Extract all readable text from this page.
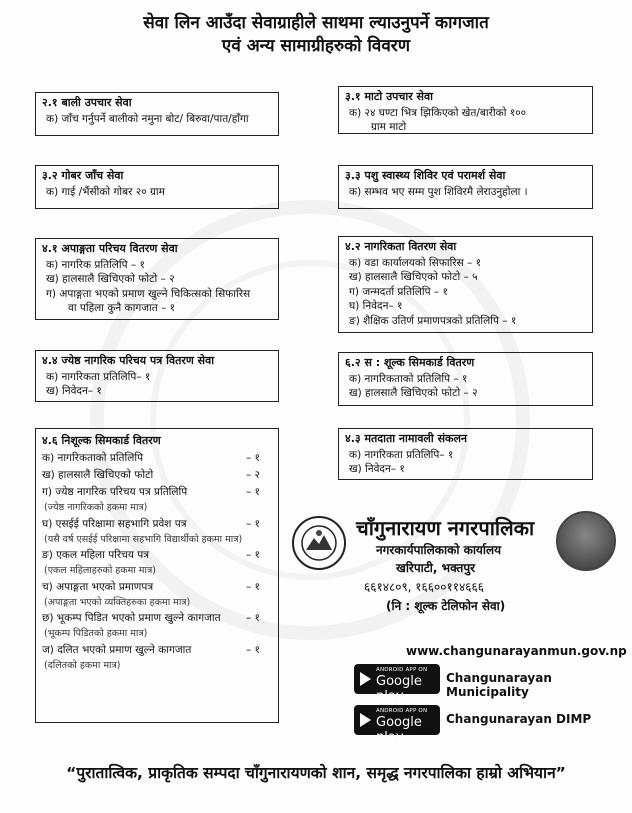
सेवा लिन आउँदा सेवाग्राहीले साथमा ल्याउनुपर्ने कागजात
एवं अन्य सामाग्रीहरुको विवरण
२.१ बाली उपचार सेवा
क) जाँच गर्नुपर्ने बालीको नमुना बोट/ बिरुवा/पात/हाँगा
३.१ माटो उपचार सेवा
क) २४ घण्टा भित्र झिकिएको खेत/बारीको १००
ग्राम माटो
३.२ गोबर जाँच सेवा
क) गाई /भैंसीको गोबर २० ग्राम
३.३ पशु स्वास्थ्य शिविर एवं परामर्श सेवा
क) सम्भव भए सम्म पुश शिविरमै लेराउनुहोला ।
४.१ अपाङ्गता परिचय वितरण सेवा
क) नागरिक प्रतिलिपि – १
ख) हालसालै खिचिएको फोटो – २
ग) अपाङ्गता भएको प्रमाण खुल्ने चिकित्सको सिफारिस
वा पहिला कुनै कागजात – १
४.२ नागरिकता वितरण सेवा
क) वडा कार्यालयको सिफारिस – १
ख) हालसालै खिचिएको फोटो – ५
ग) जन्मदर्ता प्रतिलिपि – १
घ) निवेदन– १
ङ) शैक्षिक उतिर्ण प्रमाणपत्रको प्रतिलिपि – १
४.४ ज्येष्ठ नागरिक परिचय पत्र वितरण सेवा
क) नागरिकता प्रतिलिपि– १
ख) निवेदन– १
६.२ स : शूल्क सिमकार्ड वितरण
क) नागरिकताको प्रतिलिपि – १
ख) हालसालै खिचिएको फोटो – २
४.६ निशूल्क सिमकार्ड वितरण
क) नागरिकताको प्रतिलिपि	– १
ख) हालसालै खिचिएको फोटो	– २
ग) ज्येष्ठ नागरिक परिचय पत्र प्रतिलिपि	– १
(ज्येष्ठ नागरिकको हकमा मात्र)
घ) एसईई परिक्षामा सहभागि प्रवेश पत्र	– १
(यसै वर्ष एसईई परिक्षामा सहभागि विद्यार्थीको हकमा मात्र)
ङ) एकल महिला परिचय पत्र	– १
(एकल महिलाहरुको हकमा मात्र)
च) अपाङ्गता भएको प्रमाणपत्र	– १
(अपाङ्गता भएको व्यक्तिहरुका हकमा मात्र)
छ) भूकम्प पिडित भएको प्रमाण खुल्ने कागजात – १
(भूकम्प पिडितको हकमा मात्र)
ज) दलित भएको प्रमाण खुल्ने कागजात	– १
(दलितको हकमा मात्र)
४.३ मतदाता नामावली संकलन
क) नागरिकता प्रतिलिपि– १
ख) निवेदन– १
चाँगुनारायण नगरपालिका
नगरकार्यपालिकाको कार्यालय
खरिपाटी, भक्तपुर
६६१४८०९, १६६००११४६६६
(नि : शूल्क टेलिफोन सेवा)
www.changunarayanmun.gov.np
ANDROID APP ON
Google play
Changunarayan Municipality
ANDROID APP ON
Google play
Changunarayan DIMP
“पुरातात्विक, प्राकृतिक सम्पदा चाँगुनारायणको शान, समृद्ध नगरपालिका हाम्रो अभियान”
